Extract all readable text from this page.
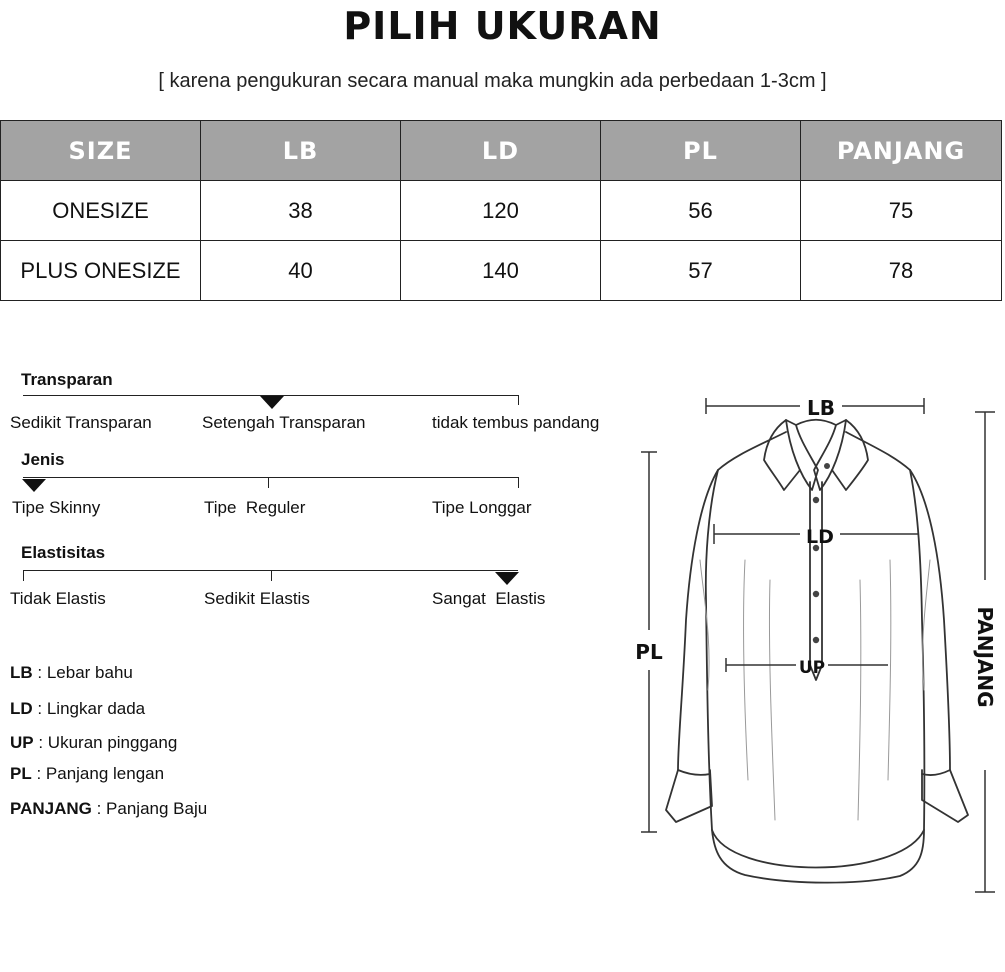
PILIH UKURAN
[ karena pengukuran secara manual maka mungkin ada perbedaan 1-3cm ]
SIZE	LB	LD	PL	PANJANG
ONESIZE	38	120	56	75
PLUS ONESIZE	40	140	57	78
Transparan
Sedikit Transparan	Setengah Transparan	tidak tembus pandang
Jenis
Tipe Skinny	Tipe  Reguler	Tipe Longgar
Elastisitas
Tidak Elastis	Sedikit Elastis	Sangat  Elastis
LB : Lebar bahu
LD : Lingkar dada
UP : Ukuran pinggang
PL : Panjang lengan
PANJANG : Panjang Baju
LB
LD
UP
PL	PANJANG
